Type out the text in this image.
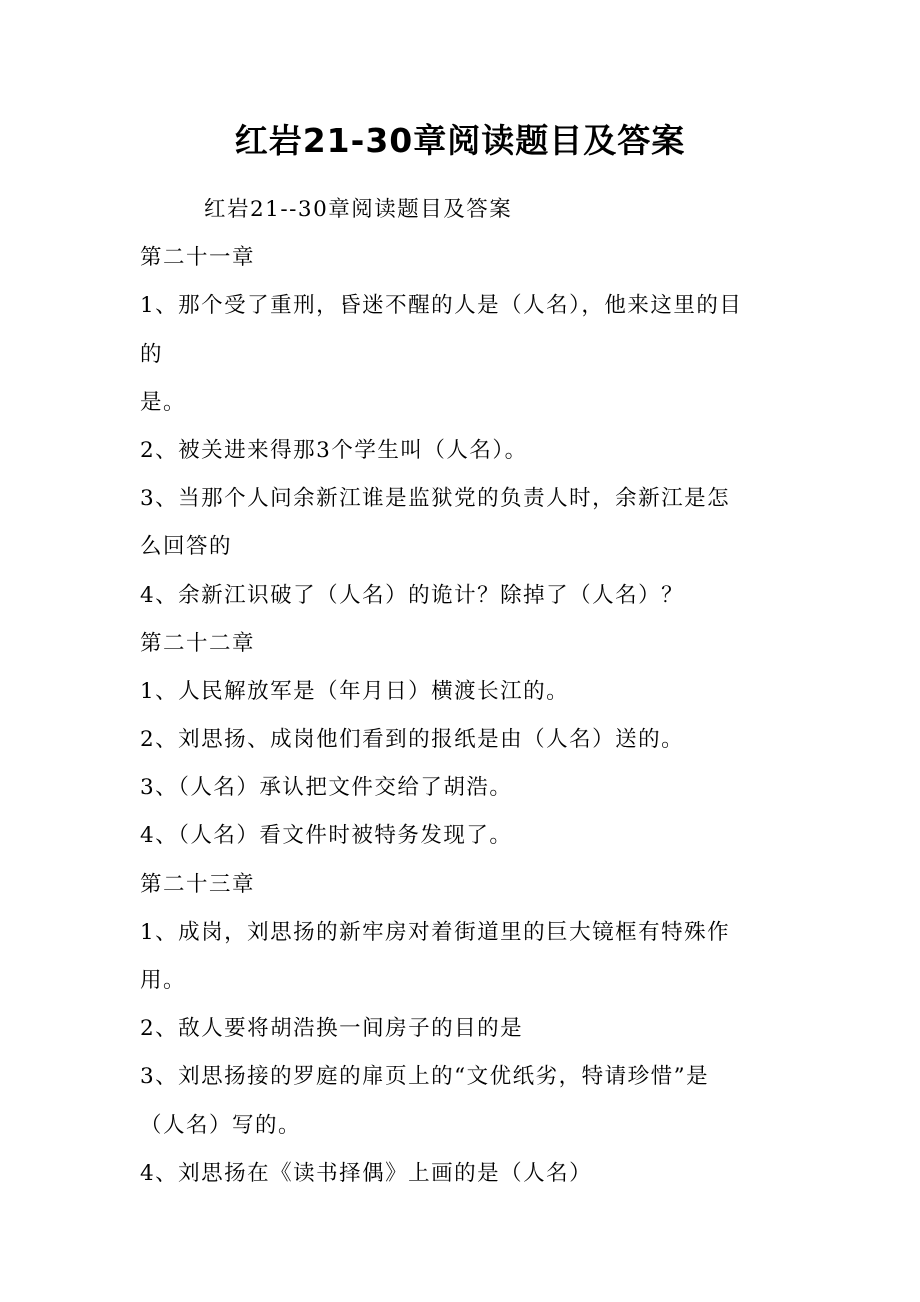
红岩21-30章阅读题目及答案
红岩21--30章阅读题目及答案
第二十一章
1、那个受了重刑，昏迷不醒的人是（人名），他来这里的目
的
是。
2、被关进来得那3个学生叫（人名）。
3、当那个人问余新江谁是监狱党的负责人时，余新江是怎
么回答的
4、余新江识破了（人名）的诡计？除掉了（人名）？
第二十二章
1、人民解放军是（年月日）横渡长江的。
2、刘思扬、成岗他们看到的报纸是由（人名）送的。
3、（人名）承认把文件交给了胡浩。
4、（人名）看文件时被特务发现了。
第二十三章
1、成岗，刘思扬的新牢房对着街道里的巨大镜框有特殊作
用。
2、敌人要将胡浩换一间房子的目的是
3、刘思扬接的罗庭的扉页上的“文优纸劣，特请珍惜”是
（人名）写的。
4、刘思扬在《读书择偶》上画的是（人名）
